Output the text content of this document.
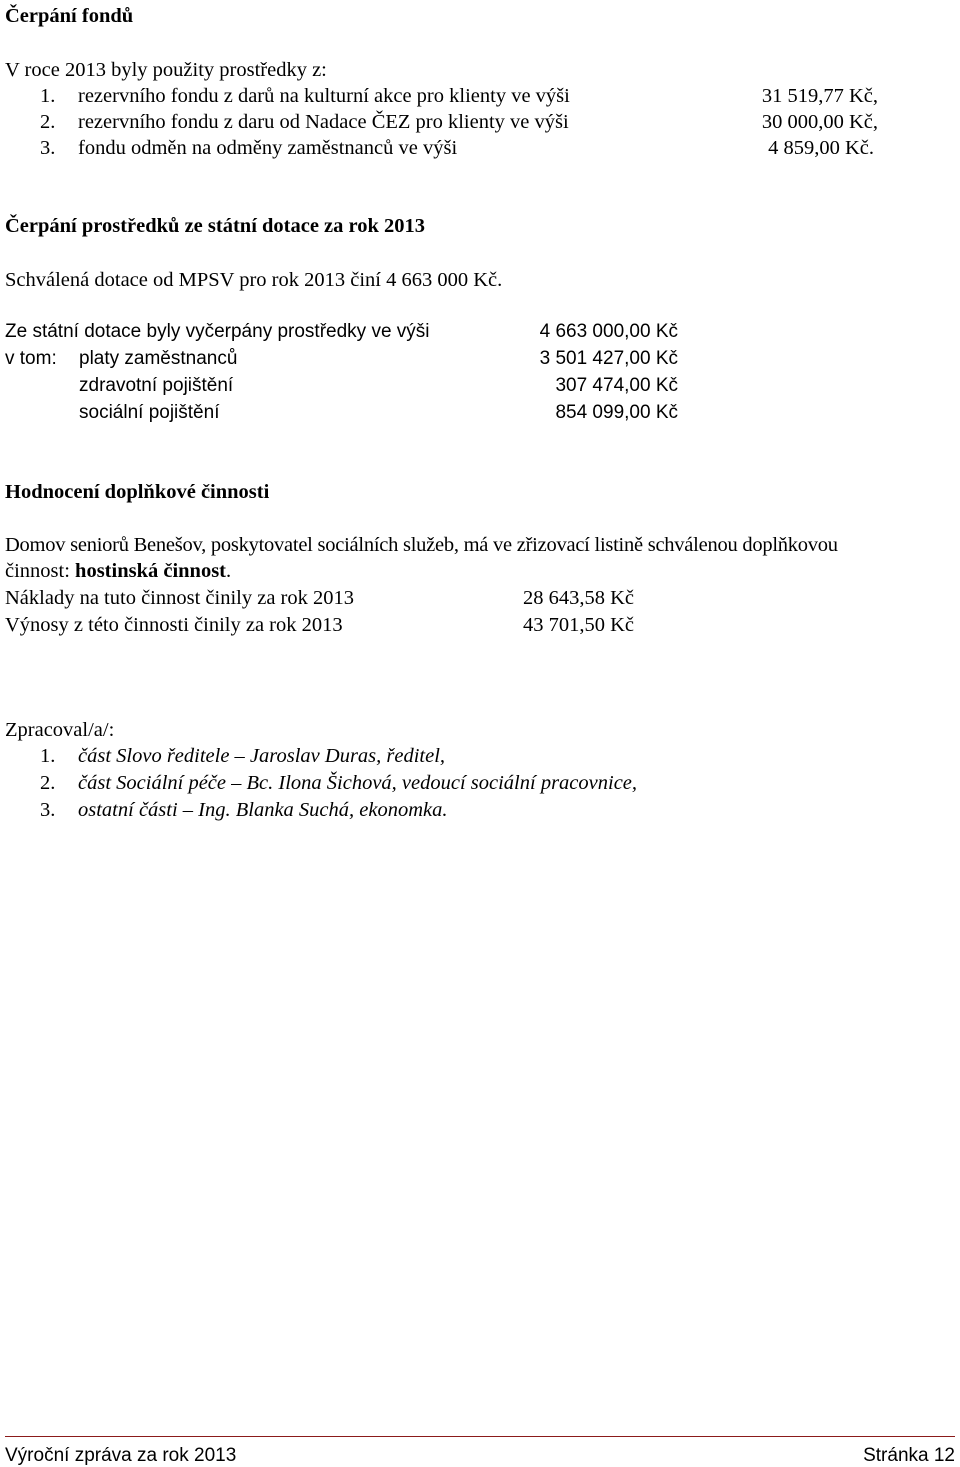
Čerpání fondů
V roce 2013 byly použity prostředky z:
1. rezervního fondu z darů na kulturní akce pro klienty ve výši	31 519,77 Kč,
2. rezervního fondu z daru od Nadace ČEZ pro klienty ve výši	30 000,00 Kč,
3. fondu odměn na odměny zaměstnanců ve výši	4 859,00 Kč.
Čerpání prostředků ze státní dotace za rok 2013
Schválená dotace od MPSV pro rok 2013 činí 4 663 000 Kč.
Ze státní dotace byly vyčerpány prostředky ve výši	4 663 000,00 Kč
v tom: platy zaměstnanců	3 501 427,00 Kč
zdravotní pojištění	307 474,00 Kč
sociální pojištění	854 099,00 Kč
Hodnocení doplňkové činnosti
Domov seniorů Benešov, poskytovatel sociálních služeb, má ve zřizovací listině schválenou doplňkovou
činnost: hostinská činnost.
Náklady na tuto činnost činily za rok 2013	28 643,58 Kč
Výnosy z této činnosti činily za rok 2013	43 701,50 Kč
Zpracoval/a/:
1. část Slovo ředitele – Jaroslav Duras, ředitel,
2. část Sociální péče – Bc. Ilona Šichová, vedoucí sociální pracovnice,
3. ostatní části – Ing. Blanka Suchá, ekonomka.
Výroční zpráva za rok 2013	Stránka 12
